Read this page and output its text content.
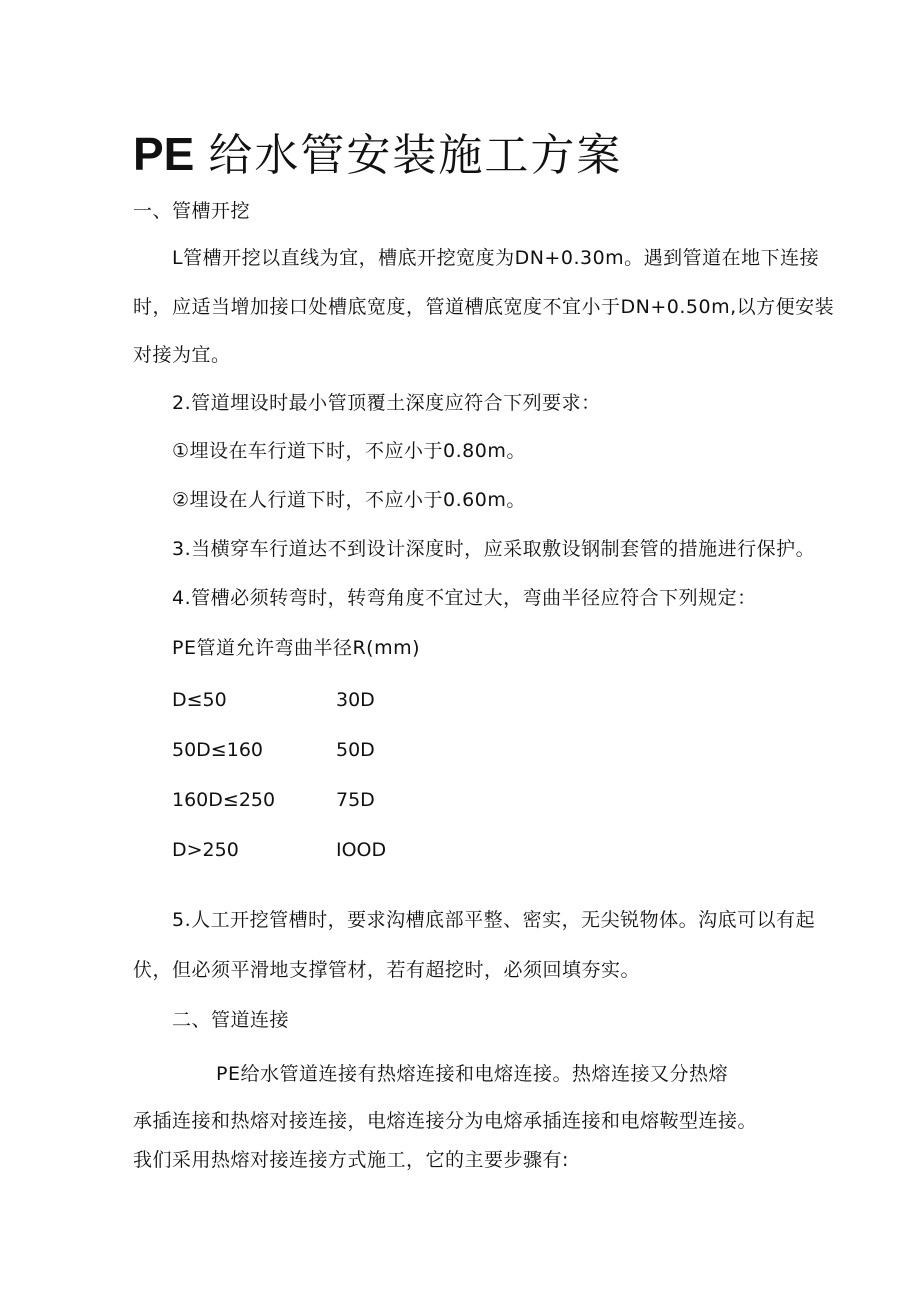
PE 给水管安装施工方案
一、管槽开挖
L管槽开挖以直线为宜，槽底开挖宽度为DN+0.30m。遇到管道在地下连接
时，应适当增加接口处槽底宽度，管道槽底宽度不宜小于DN+0.50m,以方便安装
对接为宜。
2.管道埋设时最小管顶覆土深度应符合下列要求：
①埋设在车行道下时，不应小于0.80m。
②埋设在人行道下时，不应小于0.60m。
3.当横穿车行道达不到设计深度时，应采取敷设钢制套管的措施进行保护。
4.管槽必须转弯时，转弯角度不宜过大，弯曲半径应符合下列规定：
PE管道允许弯曲半径R(mm)
D≤50	30D
50D≤160	50D
160D≤250	75D
D>250	IOOD
5.人工开挖管槽时，要求沟槽底部平整、密实，无尖锐物体。沟底可以有起
伏，但必须平滑地支撑管材，若有超挖时，必须回填夯实。
二、管道连接
PE给水管道连接有热熔连接和电熔连接。热熔连接又分热熔
承插连接和热熔对接连接，电熔连接分为电熔承插连接和电熔鞍型连接。
我们采用热熔对接连接方式施工，它的主要步骤有:
